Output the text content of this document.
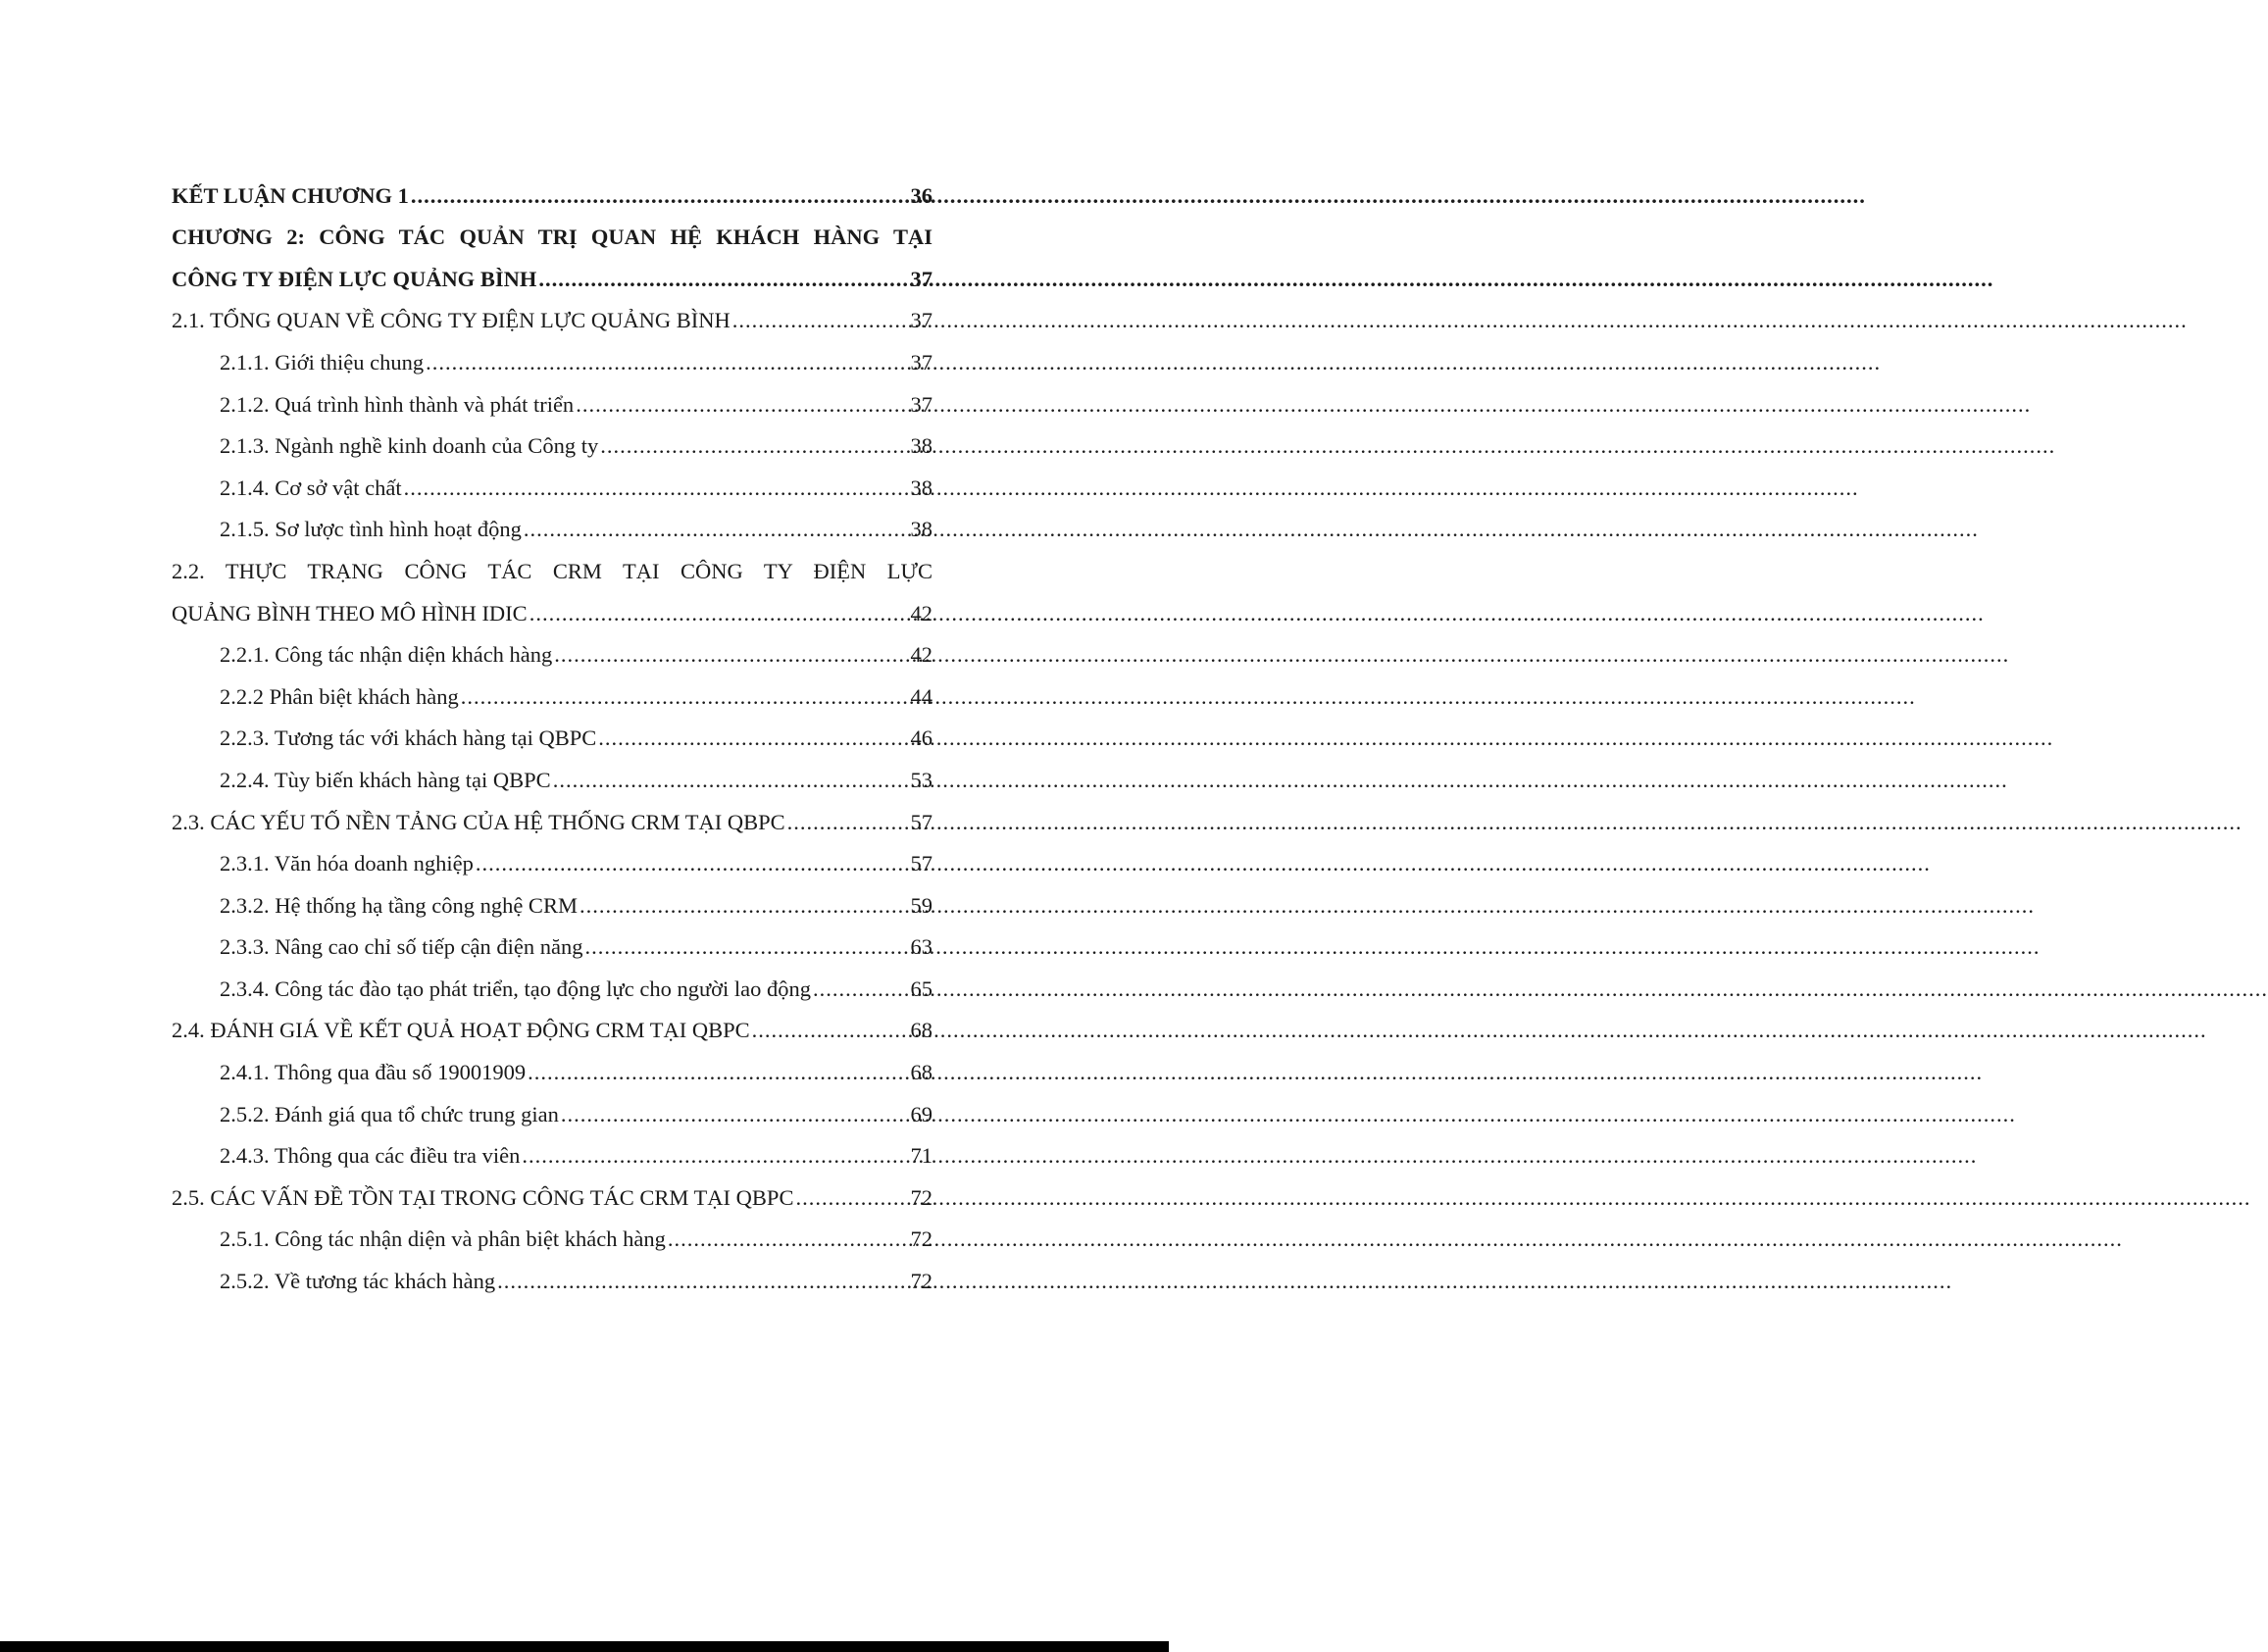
KẾT LUẬN CHƯƠNG 1 .....	36
CHƯƠNG 2: CÔNG TÁC QUẢN TRỊ QUAN HỆ KHÁCH HÀNG TẠI
CÔNG TY ĐIỆN LỰC QUẢNG BÌNH .....	37
2.1. TỔNG QUAN VỀ CÔNG TY ĐIỆN LỰC QUẢNG BÌNH .....	37
2.1.1. Giới thiệu chung .....	37
2.1.2. Quá trình hình thành và phát triển .....	37
2.1.3. Ngành nghề kinh doanh của Công ty .....	38
2.1.4. Cơ sở vật chất .....	38
2.1.5. Sơ lược tình hình hoạt động .....	38
2.2. THỰC TRẠNG CÔNG TÁC CRM TẠI CÔNG TY ĐIỆN LỰC
QUẢNG BÌNH THEO MÔ HÌNH IDIC .....	42
2.2.1. Công tác nhận diện khách hàng .....	42
2.2.2 Phân biệt khách hàng .....	44
2.2.3. Tương tác với khách hàng tại QBPC .....	46
2.2.4. Tùy biến khách hàng tại QBPC .....	53
2.3. CÁC YẾU TỐ NỀN TẢNG CỦA HỆ THỐNG CRM TẠI QBPC .....	57
2.3.1. Văn hóa doanh nghiệp .....	57
2.3.2. Hệ thống hạ tầng công nghệ CRM .....	59
2.3.3. Nâng cao chỉ số tiếp cận điện năng .....	63
2.3.4. Công tác đào tạo phát triển, tạo động lực cho người lao động .....	65
2.4. ĐÁNH GIÁ VỀ KẾT QUẢ HOẠT ĐỘNG CRM TẠI QBPC .....	68
2.4.1. Thông qua đầu số 19001909 .....	68
2.5.2. Đánh giá qua tổ chức trung gian .....	69
2.4.3. Thông qua các điều tra viên .....	71
2.5. CÁC VẤN ĐỀ TỒN TẠI TRONG CÔNG TÁC CRM TẠI QBPC .....	72
2.5.1. Công tác nhận diện và phân biệt khách hàng .....	72
2.5.2. Về tương tác khách hàng .....	72
